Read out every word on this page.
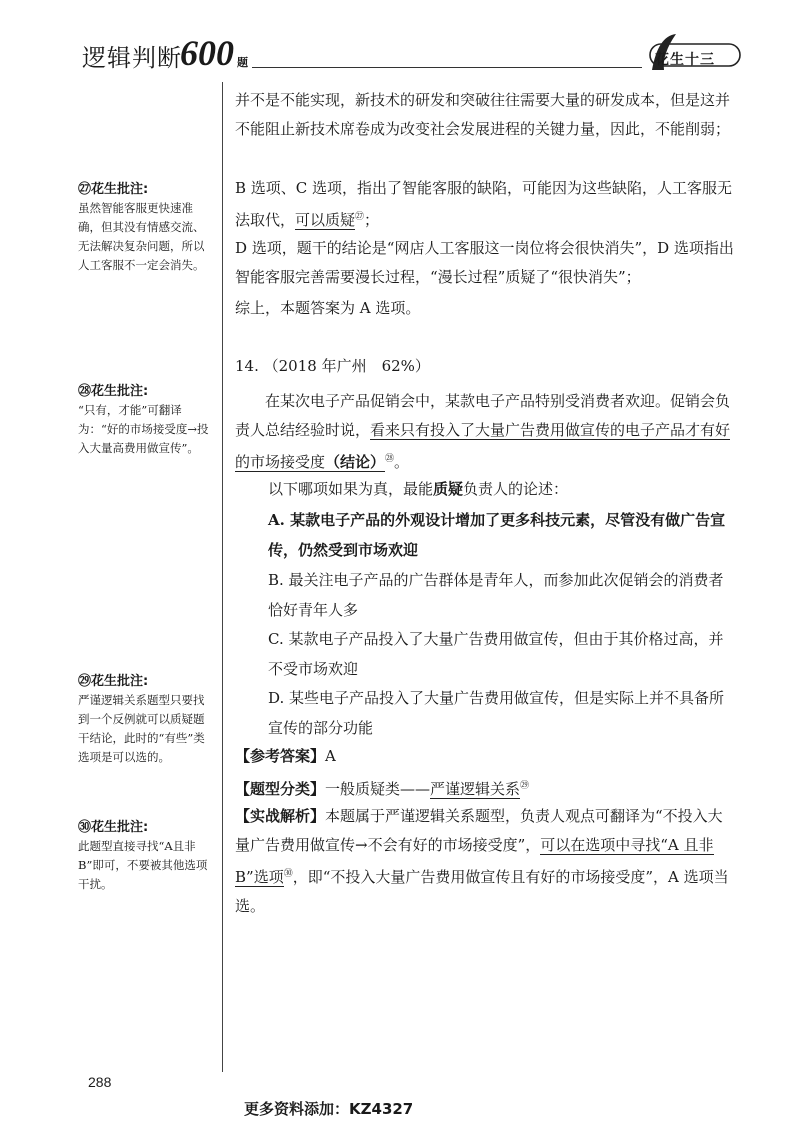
逻辑判断
600 题	花生十三
㉗花生批注:
虽然智能客服更快速准确，但其没有情感交流、无法解决复杂问题，所以人工客服不一定会消失。
㉘花生批注:
“只有，才能”可翻译为：“好的市场接受度→投入大量高费用做宣传”。
㉙花生批注:
严谨逻辑关系题型只要找到一个反例就可以质疑题干结论，此时的“有些”类选项是可以选的。
㉚花生批注:
此题型直接寻找“A且非B”即可，不要被其他选项干扰。
并不是不能实现，新技术的研发和突破往往需要大量的研发成本，但是这并不能阻止新技术席卷成为改变社会发展进程的关键力量，因此，不能削弱；
B 选项、C 选项，指出了智能客服的缺陷，可能因为这些缺陷，人工客服无法取代，可以质疑$^㉗$；
D 选项，题干的结论是“网店人工客服这一岗位将会很快消失”，D 选项指出智能客服完善需要漫长过程，“漫长过程”质疑了“很快消失”；
综上，本题答案为 A 选项。
14. （2018 年广州　62%）
在某次电子产品促销会中，某款电子产品特别受消费者欢迎。促销会负责人总结经验时说，看来只有投入了大量广告费用做宣传的电子产品才有好的市场接受度（结论）$^㉘$。
以下哪项如果为真，最能质疑负责人的论述：
A. 某款电子产品的外观设计增加了更多科技元素，尽管没有做广告宣传，仍然受到市场欢迎
B. 最关注电子产品的广告群体是青年人，而参加此次促销会的消费者恰好青年人多
C. 某款电子产品投入了大量广告费用做宣传，但由于其价格过高，并不受市场欢迎
D. 某些电子产品投入了大量广告费用做宣传，但是实际上并不具备所宣传的部分功能
【参考答案】A
【题型分类】一般质疑类——严谨逻辑关系$^㉙$
【实战解析】本题属于严谨逻辑关系题型，负责人观点可翻译为“不投入大量广告费用做宣传→不会有好的市场接受度”，可以在选项中寻找“A 且非 B”选项$^㉚$，即“不投入大量广告费用做宣传且有好的市场接受度”，A 选项当选。
288
更多资料添加：KZ4327
